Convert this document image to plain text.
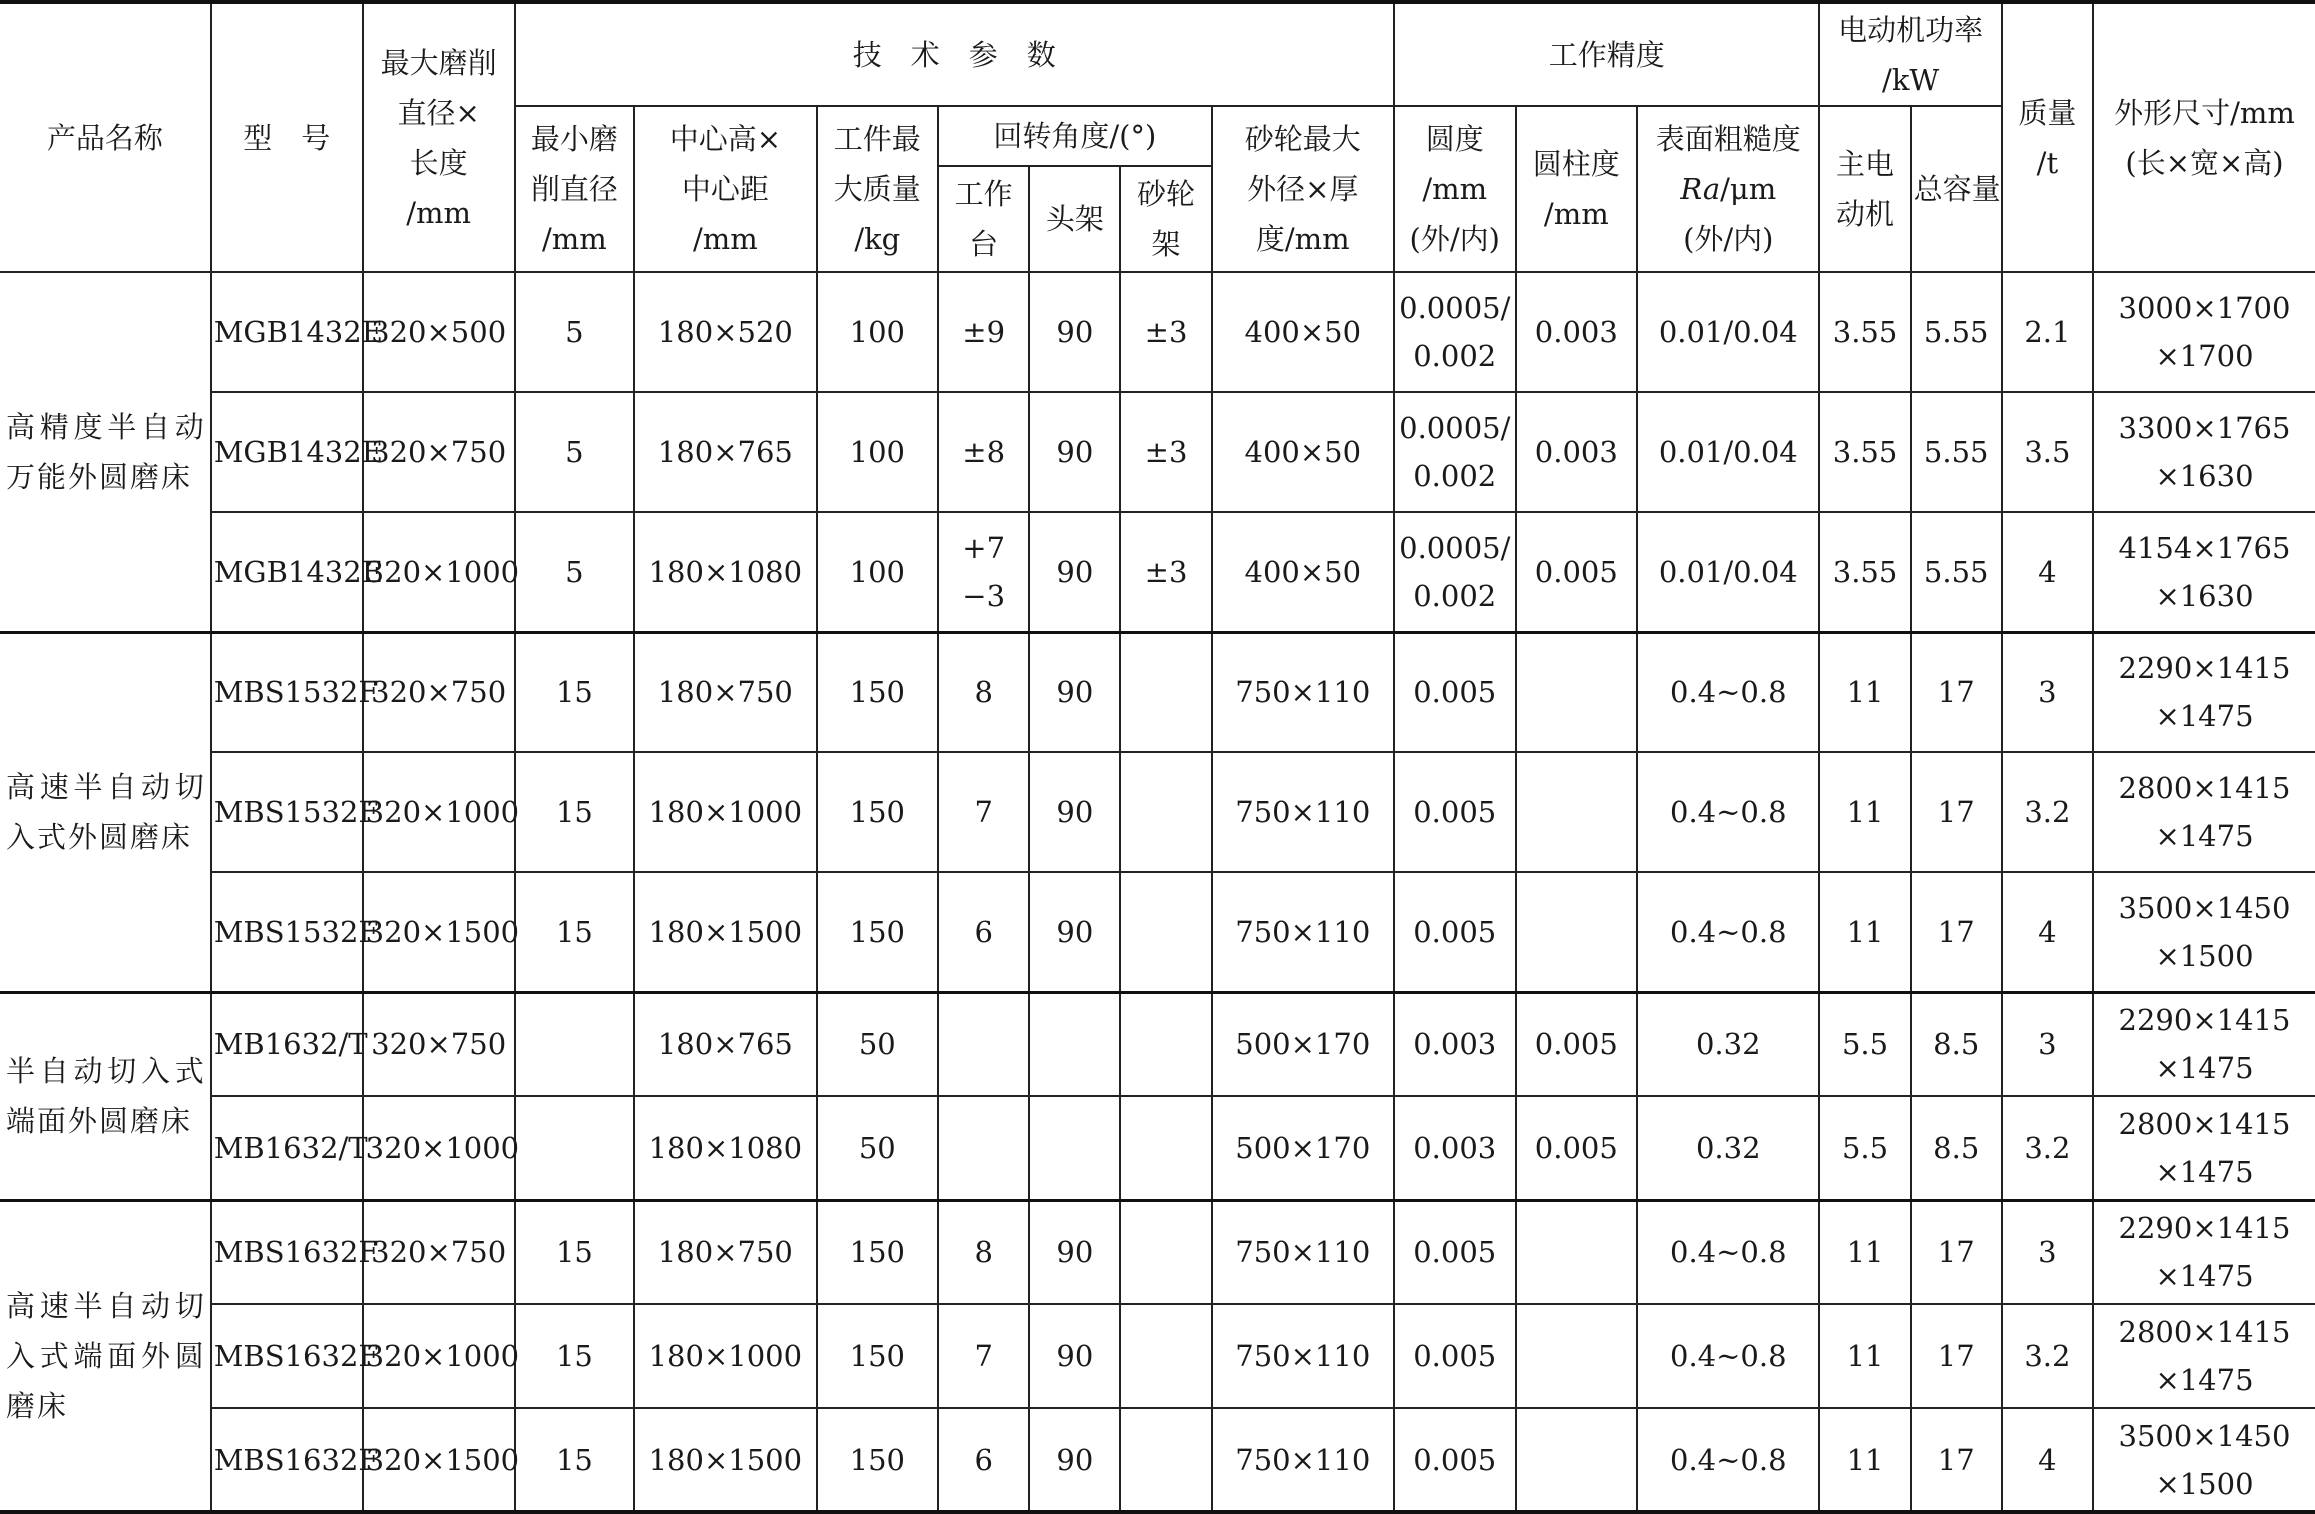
产品名称	型　号	最大磨削
直径×
长度
/mm	技　术　参　数							工作精度			电动机功率
/kW		质量
/t	外形尺寸/mm
(长×宽×高)

			最小磨
削直径
/mm	中心高×
中心距
/mm	工件最
大质量
/kg	回转角度/(°)			砂轮最大
外径×厚
度/mm	圆度
/mm
(外/内)	圆柱度
/mm	表面粗糙度
Ra/μm
(外/内)	主电
动机	总容量		

						工作
台	头架	砂轮
架								

高精度半自动万能外圆磨床	MGB1432E	320×500	5	180×520	100	±9	90	±3	400×50	0.0005/
0.002	0.003	0.01/0.04	3.55	5.55	2.1	3000×1700
×1700

	MGB1432E	320×750	5	180×765	100	±8	90	±3	400×50	0.0005/
0.002	0.003	0.01/0.04	3.55	5.55	3.5	3300×1765
×1630

	MGB1432E	320×1000	5	180×1080	100	+7
−3	90	±3	400×50	0.0005/
0.002	0.005	0.01/0.04	3.55	5.55	4	4154×1765
×1630

高速半自动切入式外圆磨床	MBS1532F	320×750	15	180×750	150	8	90		750×110	0.005		0.4~0.8	11	17	3	2290×1415
×1475

	MBS1532F	320×1000	15	180×1000	150	7	90		750×110	0.005		0.4~0.8	11	17	3.2	2800×1415
×1475

	MBS1532F	320×1500	15	180×1500	150	6	90		750×110	0.005		0.4~0.8	11	17	4	3500×1450
×1500

半自动切入式端面外圆磨床	MB1632/T	320×750		180×765	50				500×170	0.003	0.005	0.32	5.5	8.5	3	2290×1415
×1475

	MB1632/T	320×1000		180×1080	50				500×170	0.003	0.005	0.32	5.5	8.5	3.2	2800×1415
×1475

高速半自动切入式端面外圆磨床	MBS1632F	320×750	15	180×750	150	8	90		750×110	0.005		0.4~0.8	11	17	3	2290×1415
×1475

	MBS1632F	320×1000	15	180×1000	150	7	90		750×110	0.005		0.4~0.8	11	17	3.2	2800×1415
×1475

	MBS1632F	320×1500	15	180×1500	150	6	90		750×110	0.005		0.4~0.8	11	17	4	3500×1450
×1500
